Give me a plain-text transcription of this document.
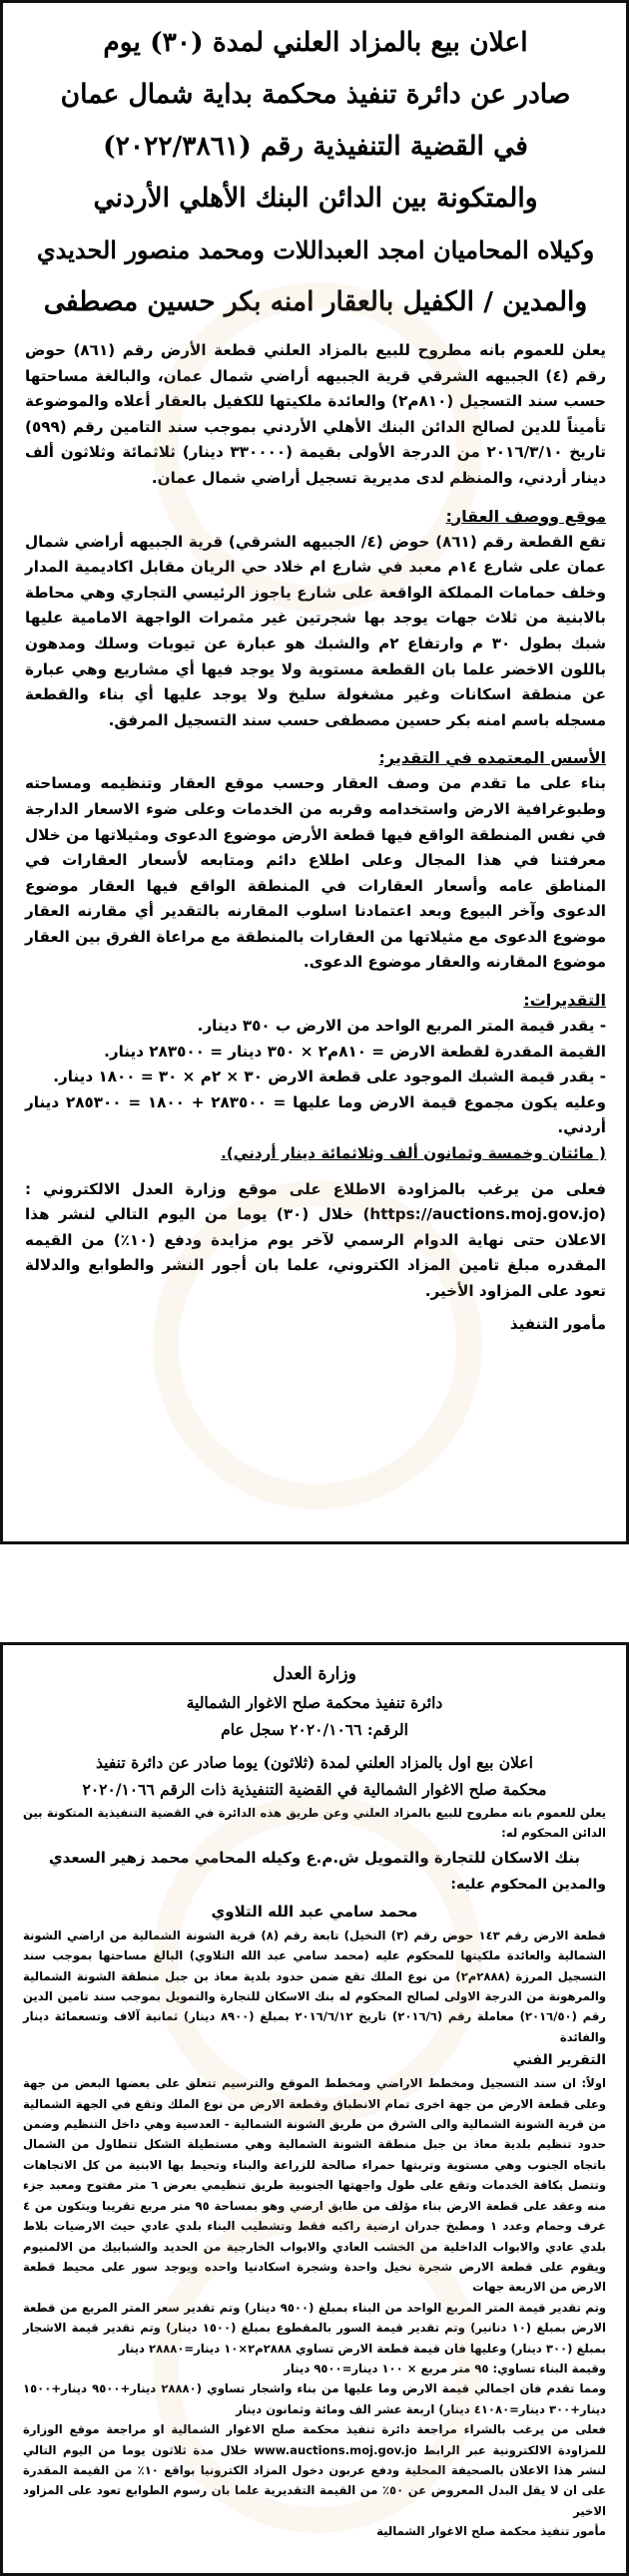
اعلان بيع بالمزاد العلني لمدة (٣٠) يوم
صادر عن دائرة تنفيذ محكمة بداية شمال عمان
في القضية التنفيذية رقم (٢٠٢٢/٣٨٦١)
والمتكونة بين الدائن البنك الأهلي الأردني
وكيلاه المحاميان امجد العبداللات ومحمد منصور الحديدي
والمدين / الكفيل بالعقار امنه بكر حسين مصطفى

يعلن للعموم بانه مطروح للبيع بالمزاد العلني قطعة الأرض رقم (٨٦١) حوض رقم (٤) الجبيهه الشرقي قرية الجبيهه أراضي شمال عمان، والبالغة مساحتها حسب سند التسجيل (٨١٠م٢) والعائدة ملكيتها للكفيل بالعقار أعلاه والموضوعة تأميناً للدين لصالح الدائن البنك الأهلي الأردني بموجب سند التامين رقم (٥٩٩) تاريخ ٢٠١٦/٣/١٠ من الدرجة الأولى بقيمة (٣٣٠٠٠٠ دينار) ثلاثمائة وثلاثون ألف دينار أردني، والمنظم لدى مديرية تسجيل أراضي شمال عمان.

موقع ووصف العقار:

تقع القطعة رقم (٨٦١) حوض (٤/ الجبيهه الشرقي) قرية الجبيهه أراضي شمال عمان على شارع ١٤م معبد في شارع ام خلاد حي الريان مقابل اكاديمية المدار وخلف حمامات المملكة الواقعة على شارع ياجوز الرئيسي التجاري وهي محاطة بالابنية من ثلاث جهات يوجد بها شجرتين غير مثمرات الواجهة الامامية عليها شبك بطول ٣٠ م وارتفاع ٢م والشبك هو عبارة عن تيوبات وسلك ومدهون باللون الاخضر علما بان القطعة مستوية ولا يوجد فيها أي مشاريع وهي عبارة عن منطقة اسكانات وغير مشغولة سليخ ولا يوجد عليها أي بناء والقطعة مسجله باسم امنه بكر حسين مصطفى حسب سند التسجيل المرفق.

الأسس المعتمده في التقدير:

بناء على ما تقدم من وصف العقار وحسب موقع العقار وتنظيمه ومساحته وطبوغرافية الارض واستخدامه وقربه من الخدمات وعلى ضوء الاسعار الدارجة في نفس المنطقة الواقع فيها قطعة الأرض موضوع الدعوى ومثيلاتها من خلال معرفتنا في هذا المجال وعلى اطلاع دائم ومتابعه لأسعار العقارات في المناطق عامه وأسعار العقارات في المنطقة الواقع فيها العقار موضوع الدعوى وآخر البيوع وبعد اعتمادنا اسلوب المقارنه بالتقدير أي مقارنه العقار موضوع الدعوى مع مثيلاتها من العقارات بالمنطقة مع مراعاة الفرق بين العقار موضوع المقارنه والعقار موضوع الدعوى.

التقديرات:
- يقدر قيمة المتر المربع الواحد من الارض ب ٣٥٠ دينار.
القيمة المقدرة لقطعة الارض = ٨١٠م٢ × ٣٥٠ دينار = ٢٨٣٥٠٠ دينار.
- يقدر قيمة الشبك الموجود على قطعة الارض ٣٠ × ٢م × ٣٠ = ١٨٠٠ دينار.
وعليه يكون مجموع قيمة الارض وما عليها = ٢٨٣٥٠٠ + ١٨٠٠ = ٢٨٥٣٠٠ دينار أردني.
( مائتان وخمسة وثمانون ألف وثلاثمائة دينار أردني).

فعلى من يرغب بالمزاودة الاطلاع على موقع وزارة العدل الالكتروني : (https://auctions.moj.gov.jo) خلال (٣٠) يوما من اليوم التالي لنشر هذا الاعلان حتى نهاية الدوام الرسمي لآخر يوم مزايدة ودفع (١٠٪) من القيمه المقدره مبلغ تامين المزاد الكتروني، علما بان أجور النشر والطوابع والدلالة تعود على المزاود الأخير.

مأمور التنفيذ
وزارة العدل
دائرة تنفيذ محكمة صلح الاغوار الشمالية
الرقم: ٢٠٢٠/١٠٦٦ سجل عام
اعلان بيع اول بالمزاد العلني لمدة (ثلاثون) يوما صادر عن دائرة تنفيذ
محكمة صلح الاغوار الشمالية في القضية التنفيذية ذات الرقم ٢٠٢٠/١٠٦٦

يعلن للعموم بانه مطروح للبيع بالمزاد العلني وعن طريق هذه الدائرة في القضية التنفيذية المتكونة بين الدائن المحكوم له:

بنك الاسكان للتجارة والتمويل ش.م.ع وكيله المحامي محمد زهير السعدي
والمدين المحكوم عليه:
محمد سامي عبد الله التلاوي

قطعة الارض رقم ١٤٣ حوض رقم (٣) النخيل) تابعة رقم (٨) قرية الشونة الشمالية من اراضي الشونة الشمالية والعائدة ملكيتها للمحكوم عليه (محمد سامي عبد الله التلاوي) البالغ مساحتها بموجب سند التسجيل المرزة (٢٨٨٨م٢) من نوع الملك تقع ضمن حدود بلدية معاذ بن جبل منطقة الشونة الشمالية والمرهونة من الدرجة الاولى لصالح المحكوم له بنك الاسكان للتجارة والتمويل بموجب سند تامين الدين رقم (٢٠١٦/٥٠) معاملة رقم (٢٠١٦/٦) تاريخ ٢٠١٦/٦/١٢ بمبلغ (٨٩٠٠ دينار) ثمانية آلاف وتسعمائة دينار والفائدة

التقرير الفني

اولاً: ان سند التسجيل ومخطط الاراضي ومخطط الموقع والترسيم تتعلق على بعضها البعض من جهة وعلى قطعة الارض من جهة اخرى تمام الانطباق وقطعة الارض من نوع الملك وتقع في الجهة الشمالية من قرية الشونة الشمالية والى الشرق من طريق الشونة الشمالية - العدسية وهي داخل التنظيم وضمن حدود تنظيم بلدية معاذ بن جبل منطقة الشونة الشمالية وهي مستطيلة الشكل تتطاول من الشمال باتجاه الجنوب وهي مستوية وتربتها حمراء صالحة للزراعة والبناء وتحيط بها الابنية من كل الاتجاهات وتتصل بكافة الخدمات وتقع على طول واجهتها الجنوبية طريق تنظيمي بعرض ٦ متر مفتوح ومعبد جزء منه وعقد على قطعة الارض بناء مؤلف من طابق ارضي وهو بمساحة ٩٥ متر مربع تقريبا ويتكون من ٤ غرف وحمام وعدد ١ ومطبخ جدران ارضية راكبه فقط وتشطيب البناء بلدي عادي حيث الارضيات بلاط بلدي عادي والابواب الداخلية من الخشب العادي والابواب الخارجية من الحديد والشبابيك من الالمنيوم ويقوم على قطعة الارض شجرة نخيل واحدة وشجرة اسكادنيا واحده ويوجد سور على محيط قطعة الارض من الاربعة جهات

وتم تقدير قيمة المتر المربع الواحد من البناء بمبلغ (٩٥٠٠ دينار) وتم تقدير سعر المتر المربع من قطعة الارض بمبلغ (١٠ دنانير) وتم تقدير قيمة السور بالمقطوع بمبلغ (١٥٠٠ دينار) وتم تقدير قيمة الاشجار بمبلغ (٣٠٠ دينار) وعليها فان قيمة قطعة الارض تساوي ٢٨٨٨م٢×١٠ دينار=٢٨٨٨٠ دينار

وقيمة البناء تساوي: ٩٥ متر مربع × ١٠٠ دينار=٩٥٠٠ دينار

ومما تقدم فان اجمالي قيمة الارض وما عليها من بناء واشجار تساوي (٢٨٨٨٠ دينار+٩٥٠٠ دينار+١٥٠٠ دينار+٣٠٠ دينار=٤١٠٨٠ دينار) اربعة عشر الف ومائة وثمانون دينار

فعلى من يرغب بالشراء مراجعة دائرة تنفيذ محكمة صلح الاغوار الشمالية او مراجعة موقع الوزارة للمزاودة الالكترونية عبر الرابط www.auctions.moj.gov.jo خلال مدة ثلاثون يوما من اليوم التالي لنشر هذا الاعلان بالصحيفة المحلية ودفع عربون دخول المزاد الكترونيا بواقع ١٠٪ من القيمة المقدرة على ان لا يقل البدل المعروض عن ٥٠٪ من القيمة التقديرية علما بان رسوم الطوابع تعود على المزاود الاخير

مأمور تنفيذ محكمة صلح الاغوار الشمالية
